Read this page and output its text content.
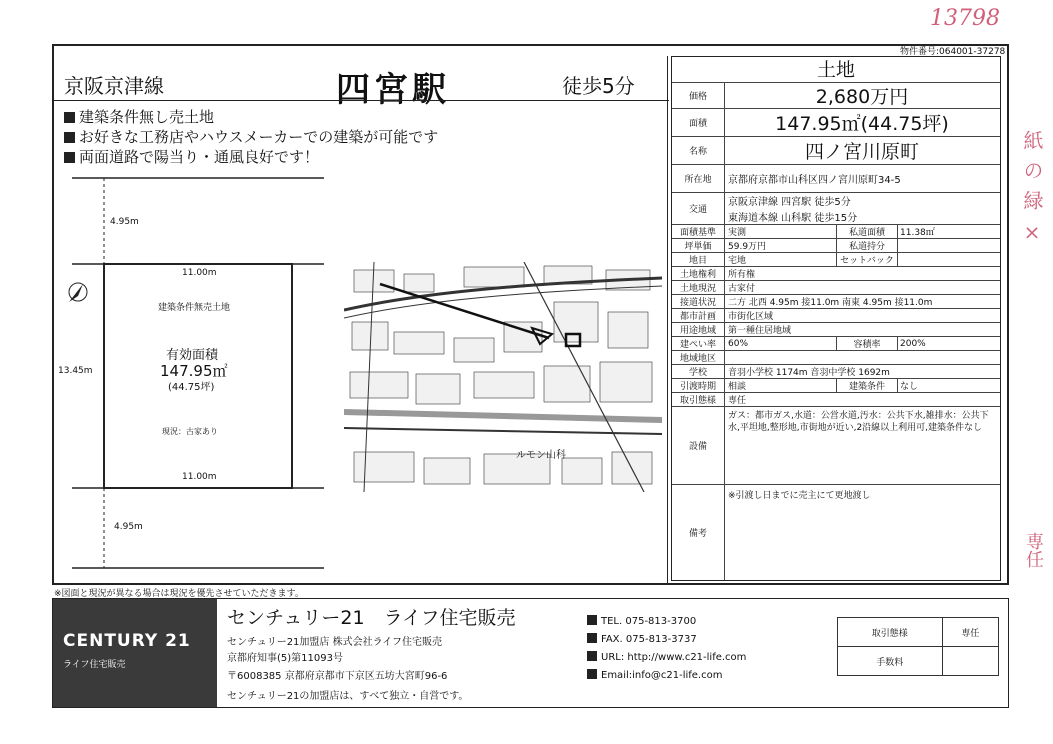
13798
紙の緑×
専任
物件番号:064001-37278
京阪京津線	四宮駅	徒歩5分
建築条件無し売土地
お好きな工務店やハウスメーカーでの建築が可能です
両面道路で陽当り・通風良好です！
4.95m
11.00m
13.45m
建築条件無売土地
有効面積
147.95㎡
(44.75坪)
現況：古家あり
11.00m
4.95m
ルモン山科
※図面と現況が異なる場合は現況を優先させていただきます。
土地
価格	2,680万円
面積	147.95㎡(44.75坪)
名称	四ノ宮川原町
所在地	京都府京都市山科区四ノ宮川原町34-5
交通
京阪京津線 四宮駅 徒歩5分
東海道本線 山科駅 徒歩15分
面積基準	実測	私道面積	11.38㎡
坪単価	59.9万円	私道持分
地目	宅地	セットバック
土地権利	所有権
土地現況	古家付
接道状況	二方 北西 4.95m 接11.0m 南東 4.95m 接11.0m
都市計画	市街化区域
用途地域	第一種住居地域
建ぺい率	60%	容積率	200%
地域地区
学校	音羽小学校 1174m 音羽中学校 1692m
引渡時期	相談	建築条件	なし
取引態様	専任
設備
ガス：都市ガス,水道：公営水道,汚水：公共下水,雑排水：公共下水,平坦地,整形地,市街地が近い,2沿線以上利用可,建築条件なし
備考
※引渡し日までに売主にて更地渡し
CENTURY 21
ライフ住宅販売
センチュリー21　ライフ住宅販売
センチュリー21加盟店 株式会社ライフ住宅販売
京都府知事(5)第11093号
〒6008385 京都府京都市下京区五坊大宮町96-6
センチュリー21の加盟店は、すべて独立・自営です。
TEL. 075-813-3700
FAX. 075-813-3737
URL: http://www.c21-life.com
Email:info@c21-life.com
取引態様	専任
手数料	
